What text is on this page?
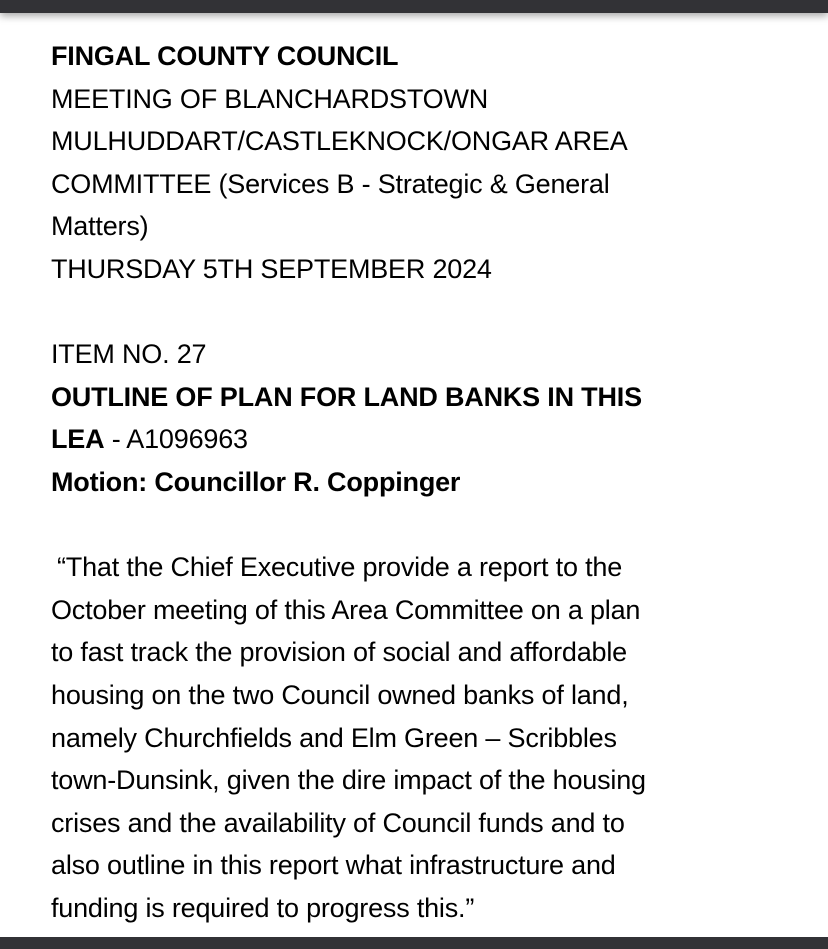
FINGAL COUNTY COUNCIL
MEETING OF BLANCHARDSTOWN
MULHUDDART/CASTLEKNOCK/ONGAR AREA
COMMITTEE (Services B - Strategic & General
Matters)
THURSDAY 5TH SEPTEMBER 2024
ITEM NO. 27
OUTLINE OF PLAN FOR LAND BANKS IN THIS
LEA - A1096963
Motion: Councillor R. Coppinger
“That the Chief Executive provide a report to the
October meeting of this Area Committee on a plan
to fast track the provision of social and affordable
housing on the two Council owned banks of land,
namely Churchfields and Elm Green – Scribbles
town-Dunsink, given the dire impact of the housing
crises and the availability of Council funds and to
also outline in this report what infrastructure and
funding is required to progress this.”
